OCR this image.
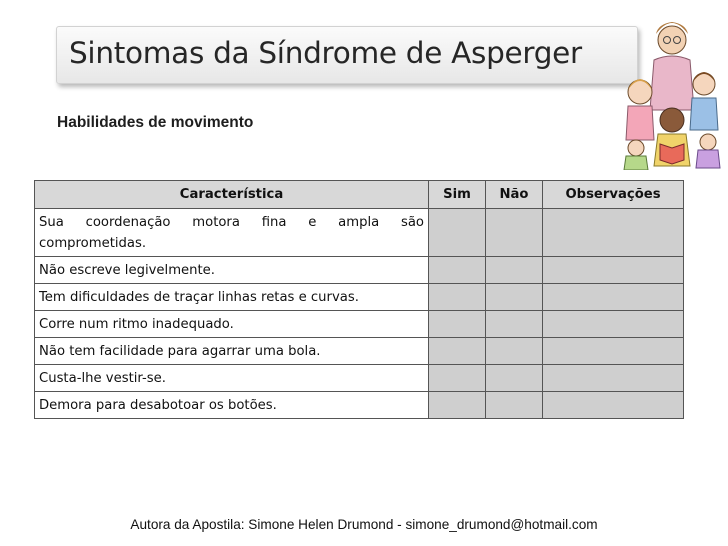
Sintomas da Síndrome de Asperger
Habilidades de movimento
Característica	Sim	Não	Observações
Sua coordenação motora fina e ampla são comprometidas.			
Não escreve legivelmente.			
Tem dificuldades de traçar linhas retas e curvas.			
Corre num ritmo inadequado.			
Não tem facilidade para agarrar uma bola.			
Custa-lhe vestir-se.			
Demora para desabotoar os botões.			
Autora da Apostila: Simone Helen Drumond - simone_drumond@hotmail.com
